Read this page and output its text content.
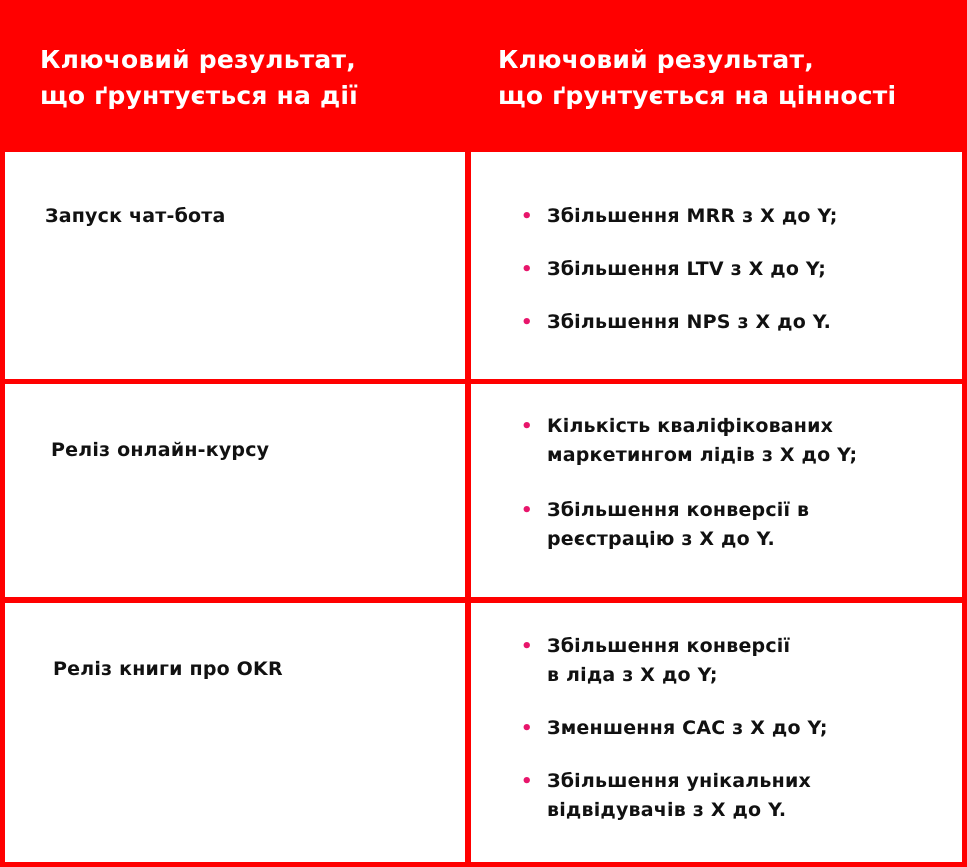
Ключовий результат,
що ґрунтується на дії
Ключовий результат,
що ґрунтується на цінності
Запуск чат-бота	• Збільшення MRR з X до Y;
• Збільшення LTV з X до Y;
• Збільшення NPS з X до Y.
Реліз онлайн-курсу
• Кількість кваліфікованих
маркетингом лідів з X до Y;
• Збільшення конверсії в
реєстрацію з X до Y.
Реліз книги про OKR
• Збільшення конверсії
в ліда з X до Y;
• Зменшення CAC з X до Y;
• Збільшення унікальних
відвідувачів з X до Y.
